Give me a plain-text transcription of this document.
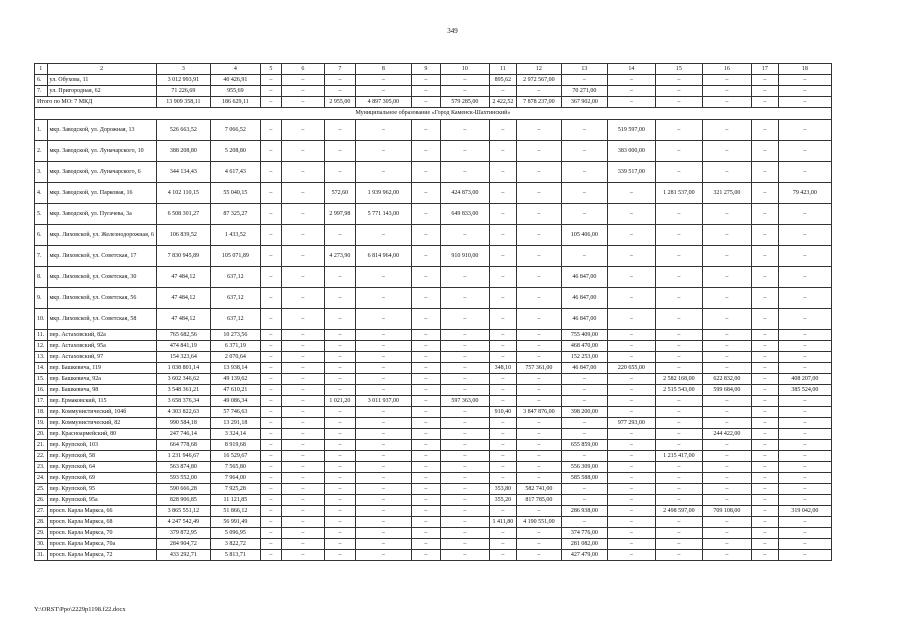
349
1	2	3	4	5	6	7	8	9	10	11	12	13	14	15	16	17	18
6.	ул. Обухова, 11	3 012 993,91	40 426,91	–	–	–	–	–	–	895,62	2 972 567,00	–	–	–	–	–	–
7.	ул. Пригородная, 62	71 226,69	955,69	–	–	–	–	–	–	–	–	70 271,00	–	–	–	–	–
Итого по МО: 7 МКД		13 909 358,11	186 629,11	–	–	2 955,00	4 897 305,00	–	579 285,00	2 422,52	7 878 237,00	367 902,00	–	–	–	–	–
Муниципальное образование «Город Каменск-Шахтинский»																	
1.	мкр. Заводской, ул. Дорожная, 13	526 663,52	7 066,52	–	–	–	–	–	–	–	–	–	519 597,00	–	–	–	–
2.	мкр. Заводской, ул. Луначарского, 10	388 208,80	5 208,80	–	–	–	–	–	–	–	–	–	383 000,00	–	–	–	–
3.	мкр. Заводской, ул. Луначарского, 6	344 134,43	4 617,43	–	–	–	–	–	–	–	–	–	339 517,00	–	–	–	–
4.	мкр. Заводской, ул. Парковая, 16	4 102 110,15	55 040,15	–	–	572,60	1 939 962,00	–	424 873,00	–	–	–	–	1 281 537,00	321 275,00	–	79 423,00
5.	мкр. Заводской, ул. Пугачева, 3а	6 508 301,27	87 325,27	–	–	2 997,98	5 771 143,00	–	649 833,00	–	–	–	–	–	–	–	–
6.	мкр. Лиховской, ул. Железнодорожная, 6	106 839,52	1 433,52	–	–	–	–	–	–	–	–	105 406,00	–	–	–	–	–
7.	мкр. Лиховской, ул. Советская, 17	7 830 945,89	105 071,89	–	–	4 273,90	6 814 964,00	–	910 910,00	–	–	–	–	–	–	–	–
8.	мкр. Лиховской, ул. Советская, 30	47 484,12	637,12	–	–	–	–	–	–	–	–	46 847,00	–	–	–	–	–
9.	мкр. Лиховской, ул. Советская, 56	47 484,12	637,12	–	–	–	–	–	–	–	–	46 847,00	–	–	–	–	–
10.	мкр. Лиховской, ул. Советская, 58	47 484,12	637,12	–	–	–	–	–	–	–	–	46 847,00	–	–	–	–	–
11.	пер. Астаховский, 82а	765 682,56	10 273,56	–	–	–	–	–	–	–	–	755 409,00	–	–	–	–	–
12.	пер. Астаховский, 95а	474 841,19	6 371,19	–	–	–	–	–	–	–	–	468 470,00	–	–	–	–	–
13.	пер. Астаховский, 97	154 323,64	2 070,64	–	–	–	–	–	–	–	–	152 253,00	–	–	–	–	–
14.	пер. Башкевича, 119	1 038 801,14	13 938,14	–	–	–	–	–	–	348,10	757 361,00	46 847,00	220 655,00	–	–	–	–
15.	пер. Башкевича, 92а	3 602 346,62	49 139,62	–	–	–	–	–	–	–	–	–	–	2 582 168,00	622 832,00	–	408 207,00
16.	пер. Башкевича, 98	3 548 361,21	47 610,21	–	–	–	–	–	–	–	–	–	–	2 515 543,00	599 684,00	–	385 524,00
17.	пер. Ермаковский, 115	3 658 376,34	49 086,34	–	–	1 021,20	3 011 937,00	–	597 363,00	–	–	–	–	–	–	–	–
18.	пер. Коммунистический, 104б	4 303 822,63	57 746,63	–	–	–	–	–	–	910,40	3 847 876,00	398 200,00	–	–	–	–	–
19.	пер. Коммунистический, 82	990 584,18	13 291,18	–	–	–	–	–	–	–	–	–	977 293,00	–	–	–	–
20.	пер. Красноармейский, 80	247 746,14	3 324,14	–	–	–	–	–	–	–	–	–	–	–	244 422,00	–	–
21.	пер. Крупской, 103	664 778,68	8 919,68	–	–	–	–	–	–	–	–	655 859,00	–	–	–	–	–
22.	пер. Крупской, 58	1 231 946,67	16 529,67	–	–	–	–	–	–	–	–	–	–	1 215 417,00	–	–	–
23.	пер. Крупской, 64	563 874,80	7 565,80	–	–	–	–	–	–	–	–	556 309,00	–	–	–	–	–
24.	пер. Крупской, 69	593 552,00	7 964,00	–	–	–	–	–	–	–	–	585 588,00	–	–	–	–	–
25.	пер. Крупской, 95	590 666,28	7 925,28	–	–	–	–	–	–	353,80	582 741,00	–	–	–	–	–	–
26.	пер. Крупской, 95а	828 906,85	11 121,85	–	–	–	–	–	–	355,20	817 785,00	–	–	–	–	–	–
27.	просп. Карла Маркса, 66	3 865 551,12	51 866,12	–	–	–	–	–	–	–	–	286 938,00	–	2 498 597,00	709 108,00	–	319 042,00
28.	просп. Карла Маркса, 68	4 247 542,49	56 991,49	–	–	–	–	–	–	1 411,80	4 190 551,00	–	–	–	–	–	–
29.	просп. Карла Маркса, 70	379 872,95	5 096,95	–	–	–	–	–	–	–	–	374 776,00	–	–	–	–	–
30.	просп. Карла Маркса, 70а	284 904,72	3 822,72	–	–	–	–	–	–	–	–	281 082,00	–	–	–	–	–
31.	просп. Карла Маркса, 72	433 292,71	5 813,71	–	–	–	–	–	–	–	–	427 479,00	–	–	–	–	–
Y:\ORST\Ppo\2229p1198.f22.docx
